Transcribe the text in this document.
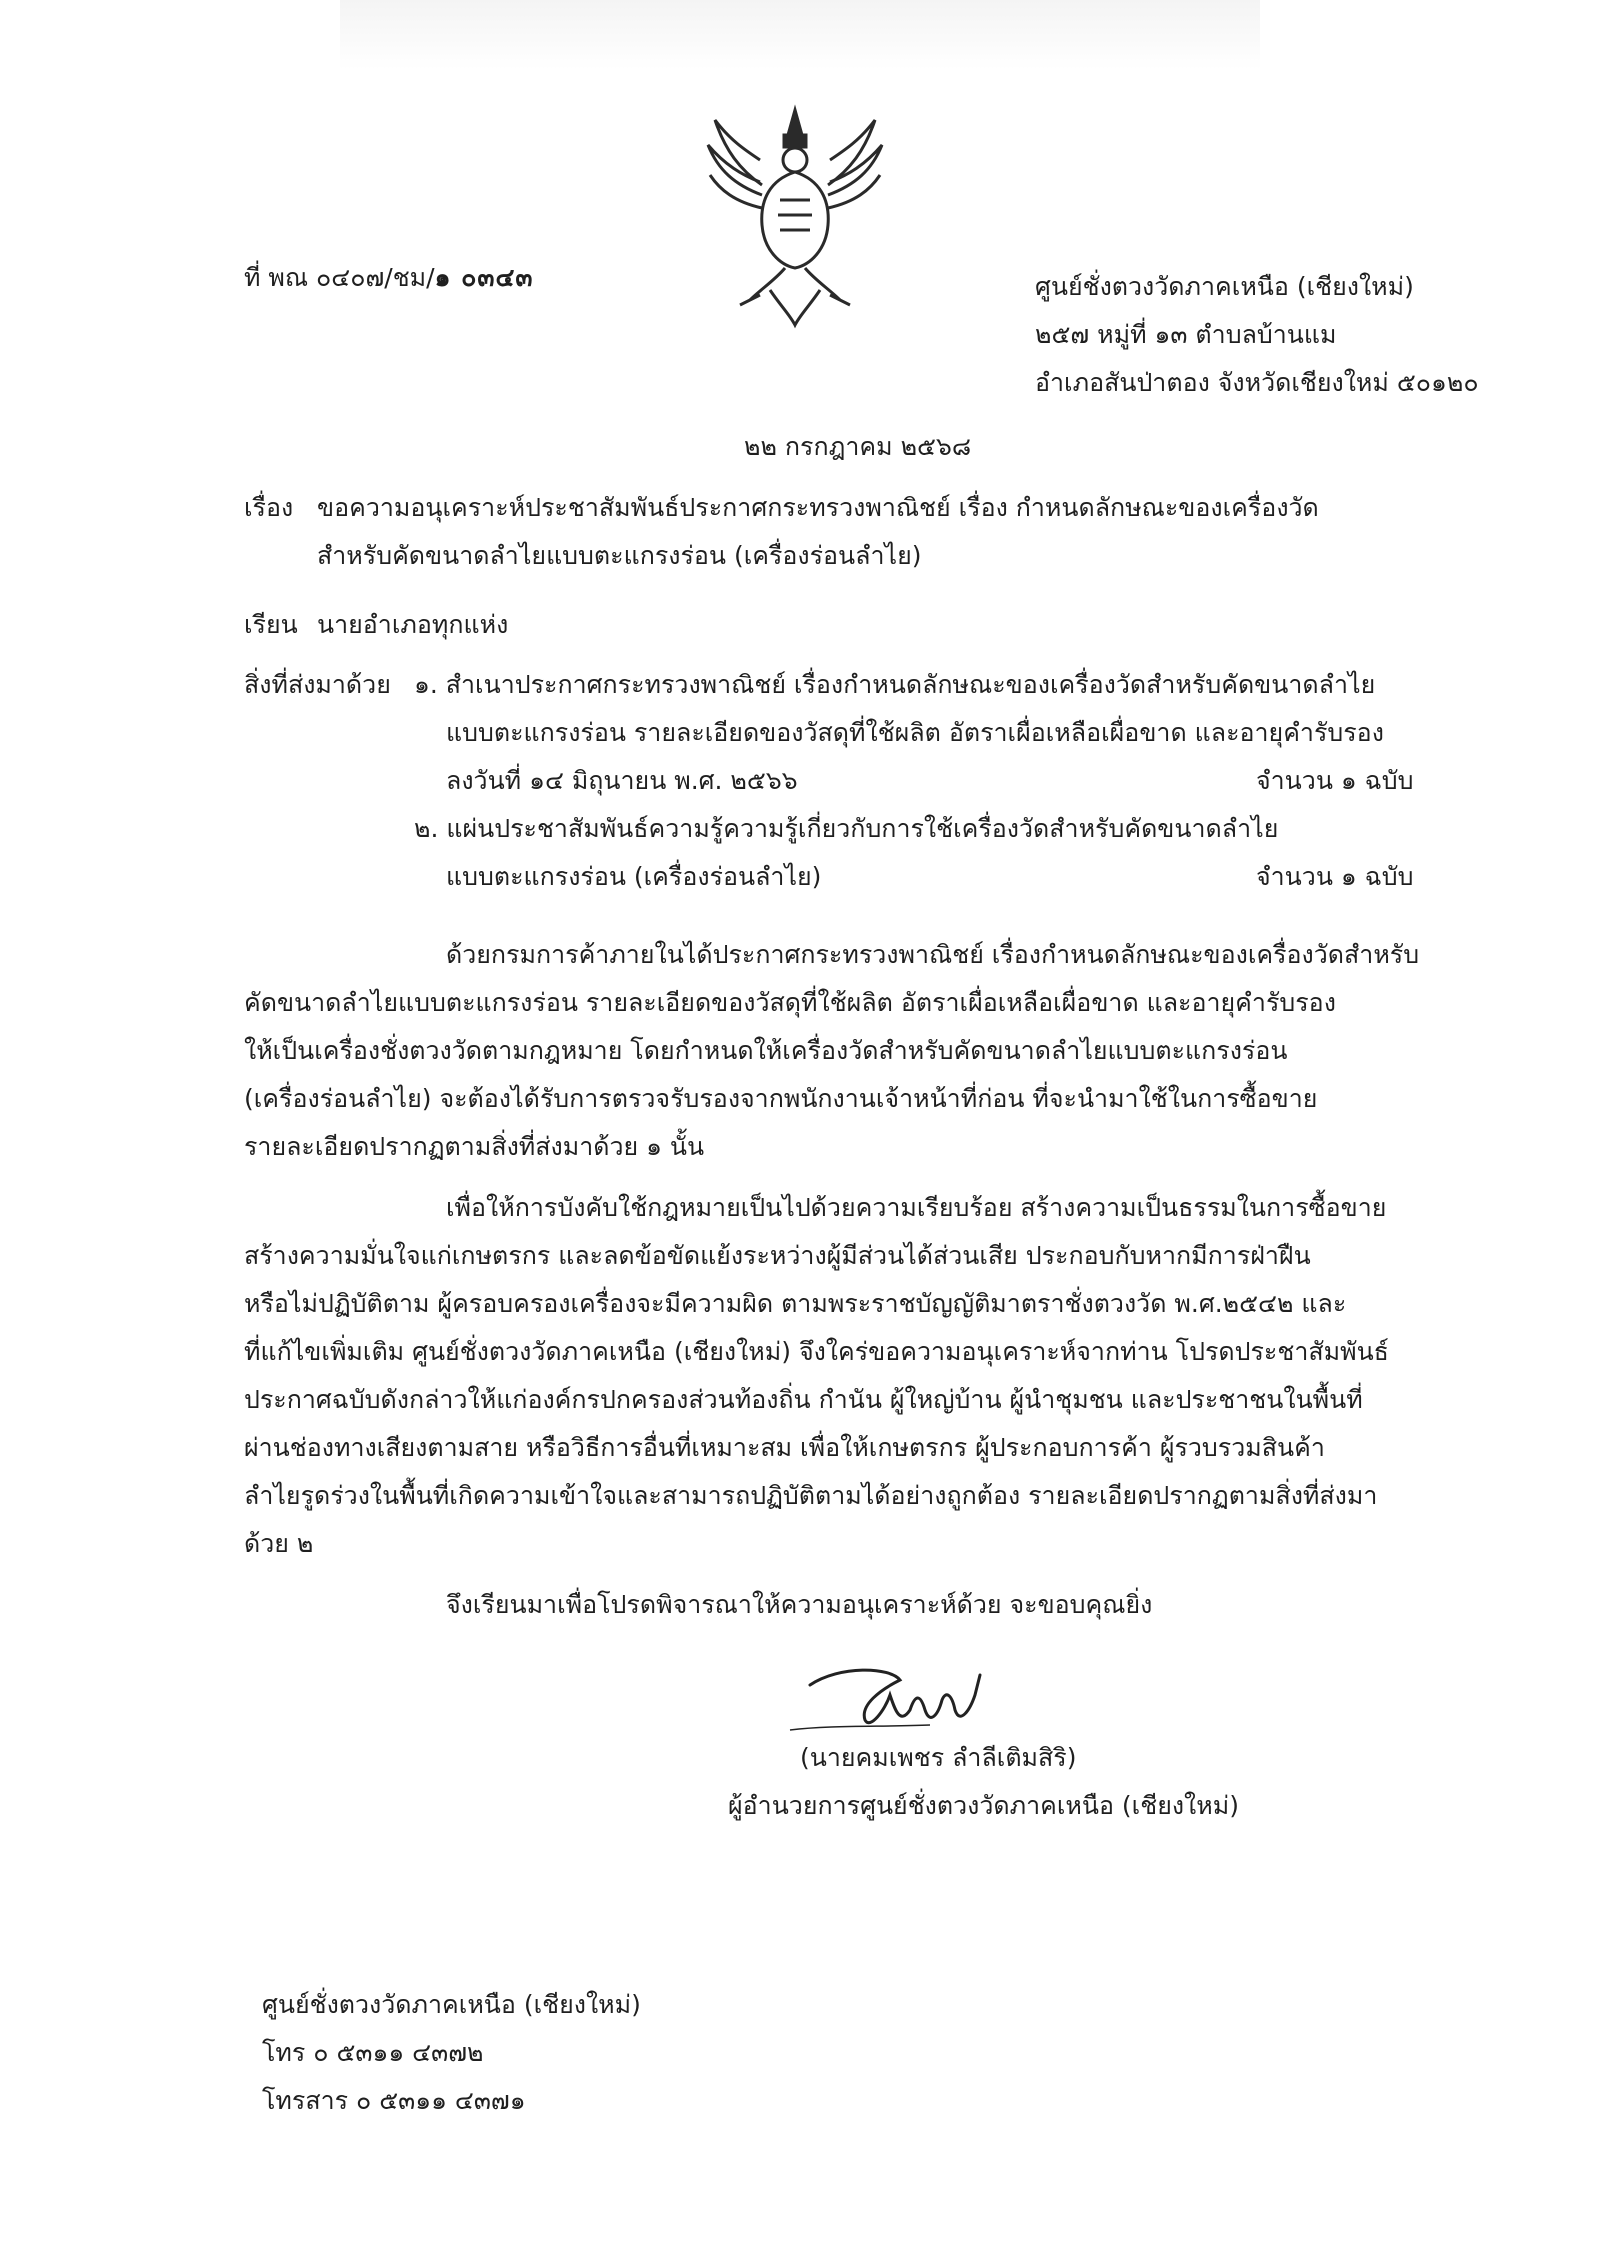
ที่ พณ ๐๔๐๗/ชม/๑ ๐๓๔๓	ศูนย์ชั่งตวงวัดภาคเหนือ (เชียงใหม่)
๒๕๗ หมู่ที่ ๑๓ ตำบลบ้านแม
อำเภอสันป่าตอง จังหวัดเชียงใหม่ ๕๐๑๒๐
๒๒ กรกฎาคม ๒๕๖๘
เรื่อง ขอความอนุเคราะห์ประชาสัมพันธ์ประกาศกระทรวงพาณิชย์ เรื่อง กำหนดลักษณะของเครื่องวัด
สำหรับคัดขนาดลำไยแบบตะแกรงร่อน (เครื่องร่อนลำไย)
เรียน นายอำเภอทุกแห่ง
สิ่งที่ส่งมาด้วย ๑. สำเนาประกาศกระทรวงพาณิชย์ เรื่องกำหนดลักษณะของเครื่องวัดสำหรับคัดขนาดลำไย
แบบตะแกรงร่อน รายละเอียดของวัสดุที่ใช้ผลิต อัตราเผื่อเหลือเผื่อขาด และอายุคำรับรอง
ลงวันที่ ๑๔ มิถุนายน พ.ศ. ๒๕๖๖	จำนวน ๑ ฉบับ
๒. แผ่นประชาสัมพันธ์ความรู้ความรู้เกี่ยวกับการใช้เครื่องวัดสำหรับคัดขนาดลำไย
แบบตะแกรงร่อน (เครื่องร่อนลำไย)	จำนวน ๑ ฉบับ
ด้วยกรมการค้าภายในได้ประกาศกระทรวงพาณิชย์ เรื่องกำหนดลักษณะของเครื่องวัดสำหรับ
คัดขนาดลำไยแบบตะแกรงร่อน รายละเอียดของวัสดุที่ใช้ผลิต อัตราเผื่อเหลือเผื่อขาด และอายุคำรับรอง
ให้เป็นเครื่องชั่งตวงวัดตามกฎหมาย โดยกำหนดให้เครื่องวัดสำหรับคัดขนาดลำไยแบบตะแกรงร่อน
(เครื่องร่อนลำไย) จะต้องได้รับการตรวจรับรองจากพนักงานเจ้าหน้าที่ก่อน ที่จะนำมาใช้ในการซื้อขาย
รายละเอียดปรากฏตามสิ่งที่ส่งมาด้วย ๑ นั้น
เพื่อให้การบังคับใช้กฎหมายเป็นไปด้วยความเรียบร้อย สร้างความเป็นธรรมในการซื้อขาย
สร้างความมั่นใจแก่เกษตรกร และลดข้อขัดแย้งระหว่างผู้มีส่วนได้ส่วนเสีย ประกอบกับหากมีการฝ่าฝืน
หรือไม่ปฏิบัติตาม ผู้ครอบครองเครื่องจะมีความผิด ตามพระราชบัญญัติมาตราชั่งตวงวัด พ.ศ.๒๕๔๒ และ
ที่แก้ไขเพิ่มเติม ศูนย์ชั่งตวงวัดภาคเหนือ (เชียงใหม่) จึงใคร่ขอความอนุเคราะห์จากท่าน โปรดประชาสัมพันธ์
ประกาศฉบับดังกล่าวให้แก่องค์กรปกครองส่วนท้องถิ่น กำนัน ผู้ใหญ่บ้าน ผู้นำชุมชน และประชาชนในพื้นที่
ผ่านช่องทางเสียงตามสาย หรือวิธีการอื่นที่เหมาะสม เพื่อให้เกษตรกร ผู้ประกอบการค้า ผู้รวบรวมสินค้า
ลำไยรูดร่วงในพื้นที่เกิดความเข้าใจและสามารถปฏิบัติตามได้อย่างถูกต้อง รายละเอียดปรากฏตามสิ่งที่ส่งมา
ด้วย ๒
จึงเรียนมาเพื่อโปรดพิจารณาให้ความอนุเคราะห์ด้วย จะขอบคุณยิ่ง
(นายคมเพชร ลำลีเติมสิริ)
ผู้อำนวยการศูนย์ชั่งตวงวัดภาคเหนือ (เชียงใหม่)
ศูนย์ชั่งตวงวัดภาคเหนือ (เชียงใหม่)
โทร ๐ ๕๓๑๑ ๔๓๗๒
โทรสาร ๐ ๕๓๑๑ ๔๓๗๑
